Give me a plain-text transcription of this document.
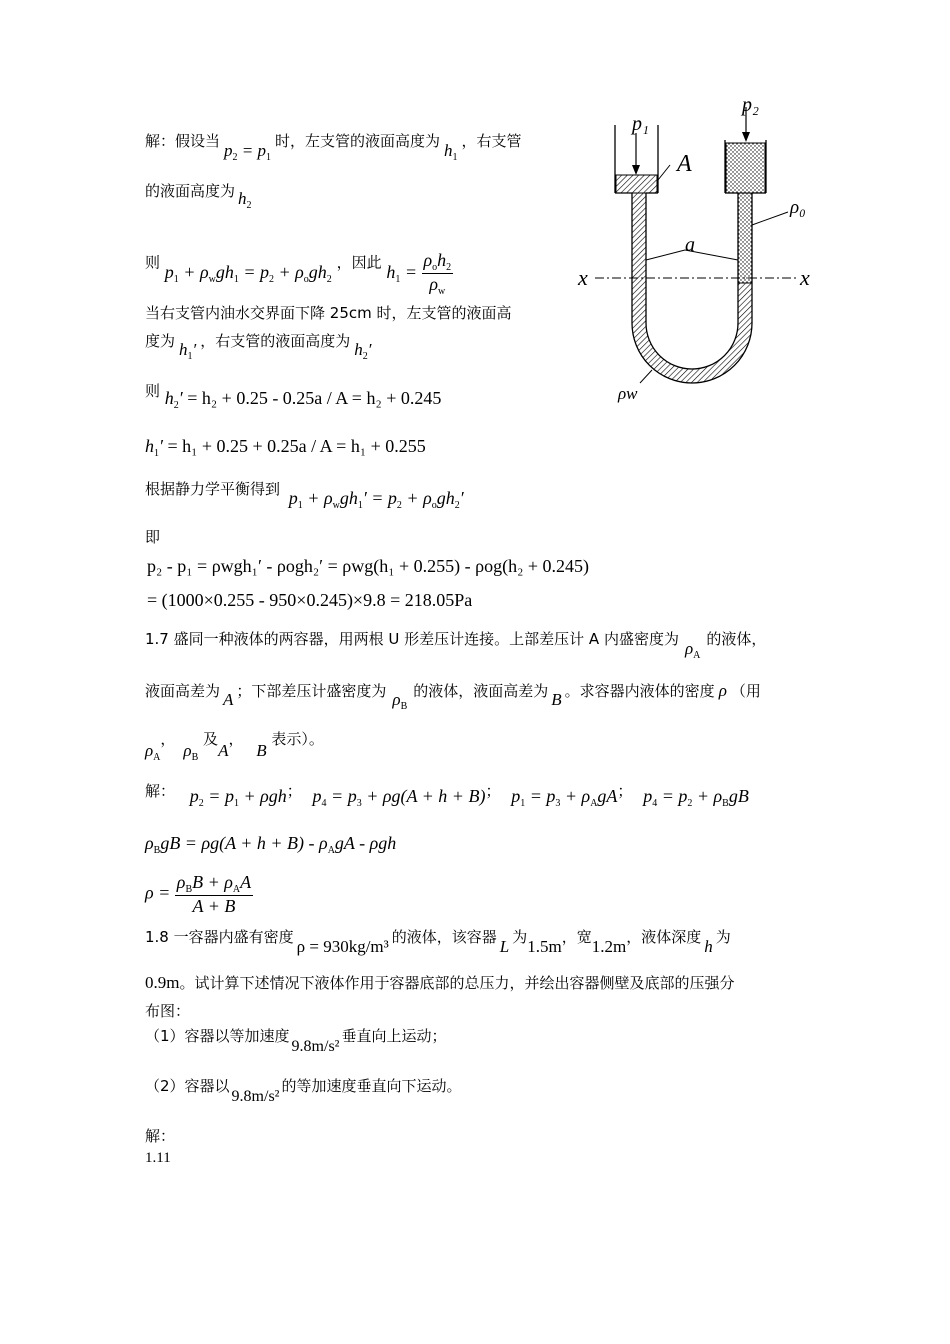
解：假设当 $p_2 = p_1$时，左支管的液面高度为 $h_1$，右支管
的液面高度为 $h_2$
则 $p_1 + \rho_wgh_1 = p_2 + \rho_ogh_2$ ，因此 $h_1 = \frac{\rho_oh_2}{\rho_w}$
当右支管内油水交界面下降 25cm 时，左支管的液面高
度为 $h_1'$ ，右支管的液面高度为 $h_2'$
则 $h_2' = h_2 + 0.25 - 0.25a / A = h_2 + 0.245$
$h_1' = h_1 + 0.25 + 0.25a / A = h_1 + 0.255$
根据静力学平衡得到 $p_1 + \rho_wgh_1' = p_2 + \rho_ogh_2'$
即
p₂ - p₁ = ρwgh₁′ - ρogh₂′ = ρwg(h₁ + 0.255) - ρog(h₂ + 0.245)
= (1000×0.255 - 950×0.245)×9.8 = 218.05Pa
1.7 盛同一种液体的两容器，用两根 U 形差压计连接。上部差压计 A 内盛密度为 $\rho_A$的液体，
液面高差为 A ；下部差压计盛密度为 $\rho_B$的液体，液面高差为 B 。求容器内液体的密度 ρ （用
$\rho_A$，$\rho_B$ 及A， B 表示）。
解： $p_2 = p_1 + \rho gh$； $p_4 = p_3 + \rho g(A + h + B)$； $p_1 = p_3 + \rho_AgA$； $p_4 = p_2 + \rho_BgB$
$\rho_BgB = \rho g(A + h + B) - \rho_AgA - \rho gh$
$\rho = \frac{\rho_BB + \rho_AA}{A + B}$
1.8 一容器内盛有密度 ρ = 930kg/m³ 的液体，该容器 L 为1.5m，宽1.2m，液体深度 h 为
0.9m。试计算下述情况下液体作用于容器底部的总压力，并绘出容器侧壁及底部的压强分
布图：
（1）容器以等加速度9.8m/s²垂直向上运动；
（2）容器以9.8m/s²的等加速度垂直向下运动。
解：
1.11
p₁
p₂
A
a
ρ₀
ρw
x	x
